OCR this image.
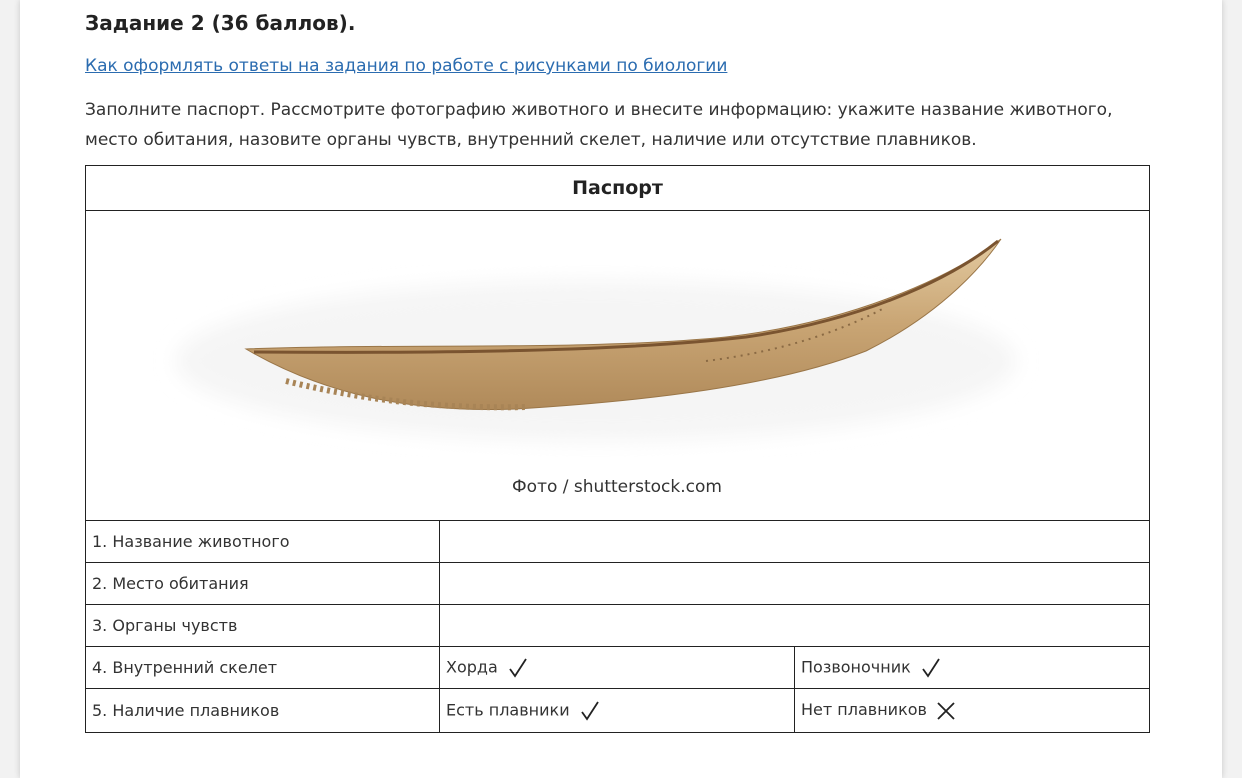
Задание 2 (36 баллов).
Как оформлять ответы на задания по работе с рисунками по биологии
Заполните паспорт. Рассмотрите фотографию животного и внесите информацию: укажите название животного, место обитания, назовите органы чувств, внутренний скелет, наличие или отсутствие плавников.
Паспорт		

Фото / shutterstock.com		

1. Название животного		
2. Место обитания		
3. Органы чувств		
4. Внутренний скелет	Хорда	Позвоночник
5. Наличие плавников	Есть плавники	Нет плавников
